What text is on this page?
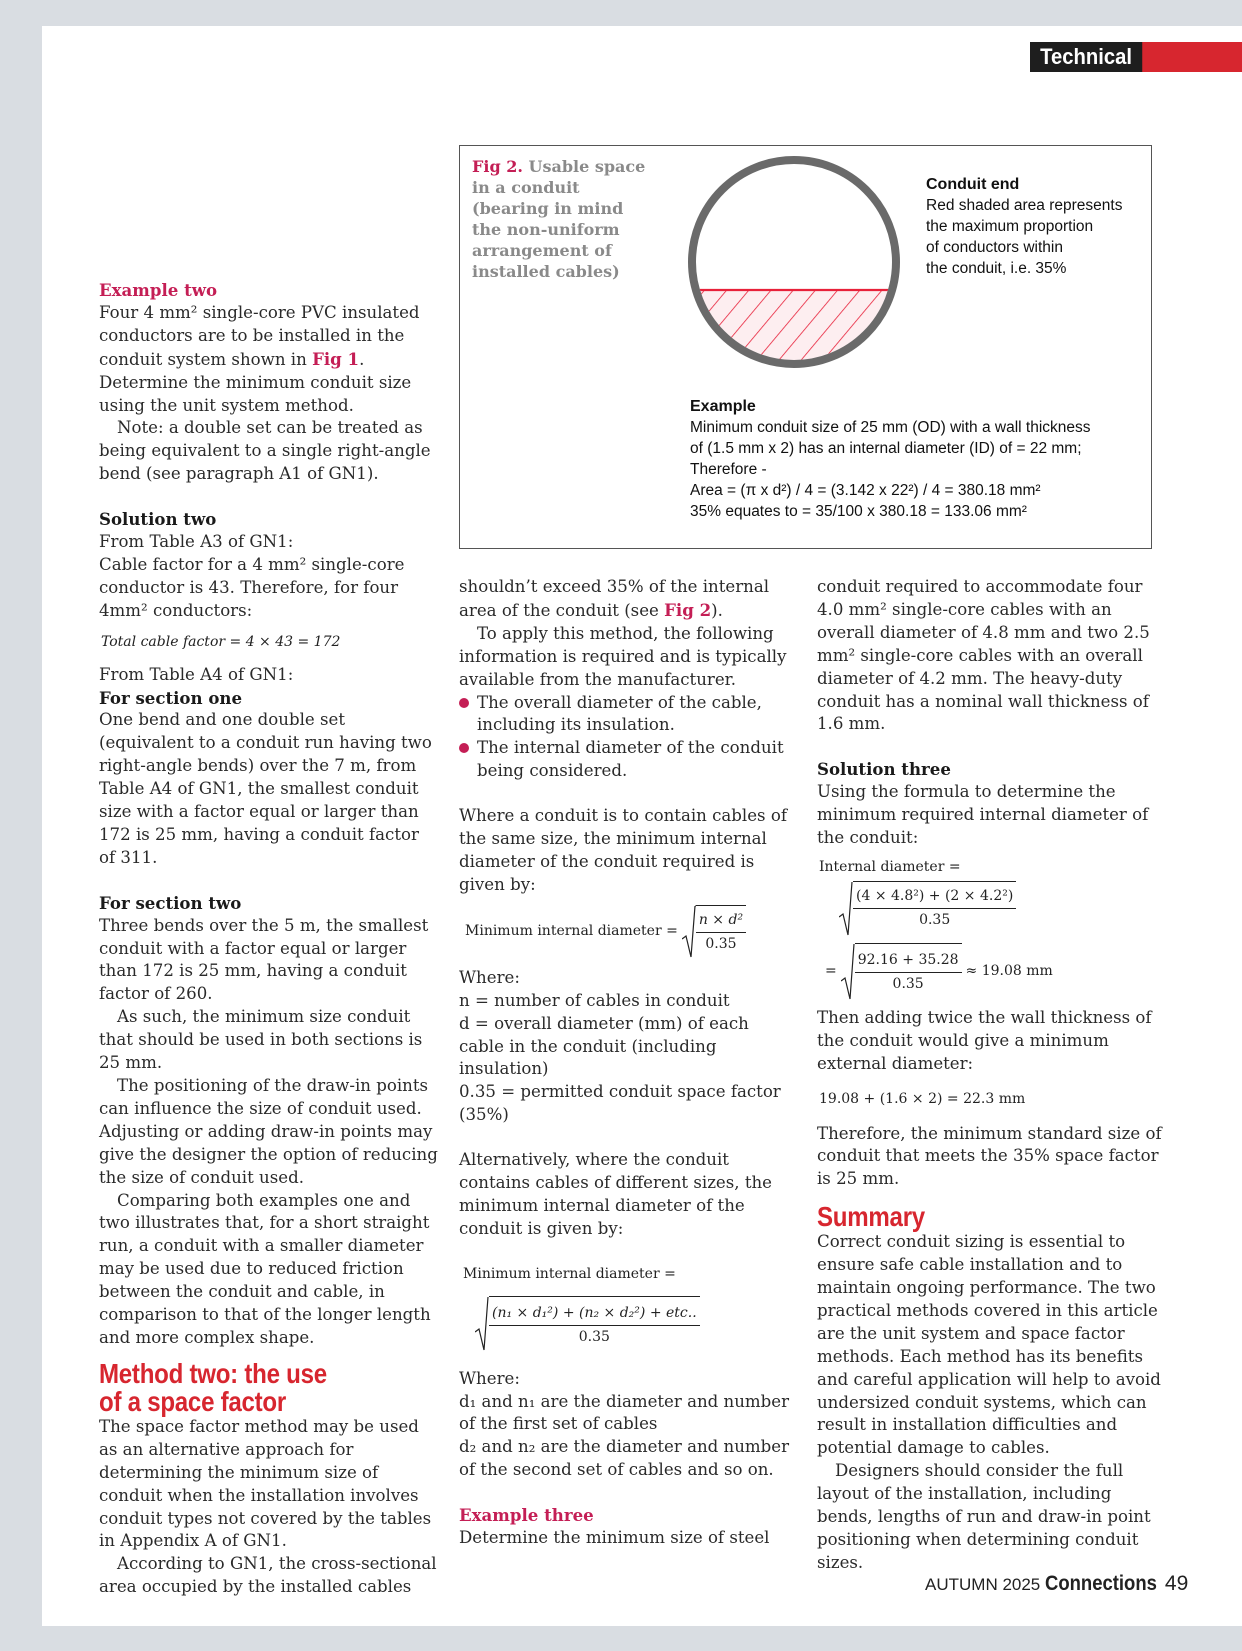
Technical
Fig 2. Usable space in a conduit (bearing in mind the non-uniform arrangement of installed cables)
Conduit end
Red shaded area represents
the maximum proportion
of conductors within
the conduit, i.e. 35%
Example
Minimum conduit size of 25 mm (OD) with a wall thickness
of (1.5 mm x 2) has an internal diameter (ID) of = 22 mm;
Therefore -
Area = (π x d²) / 4 = (3.142 x 22²) / 4 = 380.18 mm²
35% equates to = 35/100 x 380.18 = 133.06 mm²

Example two

Four 4 mm² single-core PVC insulated conductors are to be installed in the conduit system shown in Fig 1. Determine the minimum conduit size using the unit system method.

Note: a double set can be treated as being equivalent to a single right-angle bend (see paragraph A1 of GN1).

Solution two

From Table A3 of GN1:

Cable factor for a 4 mm² single-core conductor is 43. Therefore, for four 4mm² conductors:

Total cable factor = 4 × 43 = 172

From Table A4 of GN1:

For section one

One bend and one double set (equivalent to a conduit run having two right-angle bends) over the 7 m, from Table A4 of GN1, the smallest conduit size with a factor equal or larger than 172 is 25 mm, having a conduit factor of 311.

For section two

Three bends over the 5 m, the smallest conduit with a factor equal or larger than 172 is 25 mm, having a conduit factor of 260.

As such, the minimum size conduit that should be used in both sections is 25 mm.

The positioning of the draw-in points can influence the size of conduit used. Adjusting or adding draw-in points may give the designer the option of reducing the size of conduit used.

Comparing both examples one and two illustrates that, for a short straight run, a conduit with a smaller diameter may be used due to reduced friction between the conduit and cable, in comparison to that of the longer length and more complex shape.

Method two: the use
of a space factor

The space factor method may be used as an alternative approach for determining the minimum size of conduit when the installation involves conduit types not covered by the tables in Appendix A of GN1.

According to GN1, the cross-sectional area occupied by the installed cables

shouldn’t exceed 35% of the internal area of the conduit (see Fig 2).

To apply this method, the following information is required and is typically available from the manufacturer.

The overall diameter of the cable, including its insulation.
The internal diameter of the conduit being considered.

Where a conduit is to contain cables of the same size, the minimum internal diameter of the conduit required is given by:

Minimum internal diameter = $\frac{\text{n × d²}}{0.35}$

Where:

n = number of cables in conduit

d = overall diameter (mm) of each cable in the conduit (including insulation)

0.35 = permitted conduit space factor (35%)

Alternatively, where the conduit contains cables of different sizes, the minimum internal diameter of the conduit is given by:

Minimum internal diameter =
$\frac{\text{(n₁ × d₁²) + (n₂ × d₂²) + etc..}}{0.35}$

Where:

d₁ and n₁ are the diameter and number of the first set of cables

d₂ and n₂ are the diameter and number of the second set of cables and so on.

Example three

Determine the minimum size of steel

conduit required to accommodate four 4.0 mm² single-core cables with an overall diameter of 4.8 mm and two 2.5 mm² single-core cables with an overall diameter of 4.2 mm. The heavy-duty conduit has a nominal wall thickness of 1.6 mm.

Solution three

Using the formula to determine the minimum required internal diameter of the conduit:

Internal diameter =
$\frac{\text{(4 × 4.8²) + (2 × 4.2²)}}{0.35}$
= $\frac{92.16 + 35.28}{0.35} \approx 19.08$ mm

Then adding twice the wall thickness of the conduit would give a minimum external diameter:

19.08 + (1.6 × 2) = 22.3 mm

Therefore, the minimum standard size of conduit that meets the 35% space factor is 25 mm.

Summary

Correct conduit sizing is essential to ensure safe cable installation and to maintain ongoing performance. The two practical methods covered in this article are the unit system and space factor methods. Each method has its benefits and careful application will help to avoid undersized conduit systems, which can result in installation difficulties and potential damage to cables.

Designers should consider the full layout of the installation, including bends, lengths of run and draw-in point positioning when determining conduit sizes.

AUTUMN 2025 Connections 49
